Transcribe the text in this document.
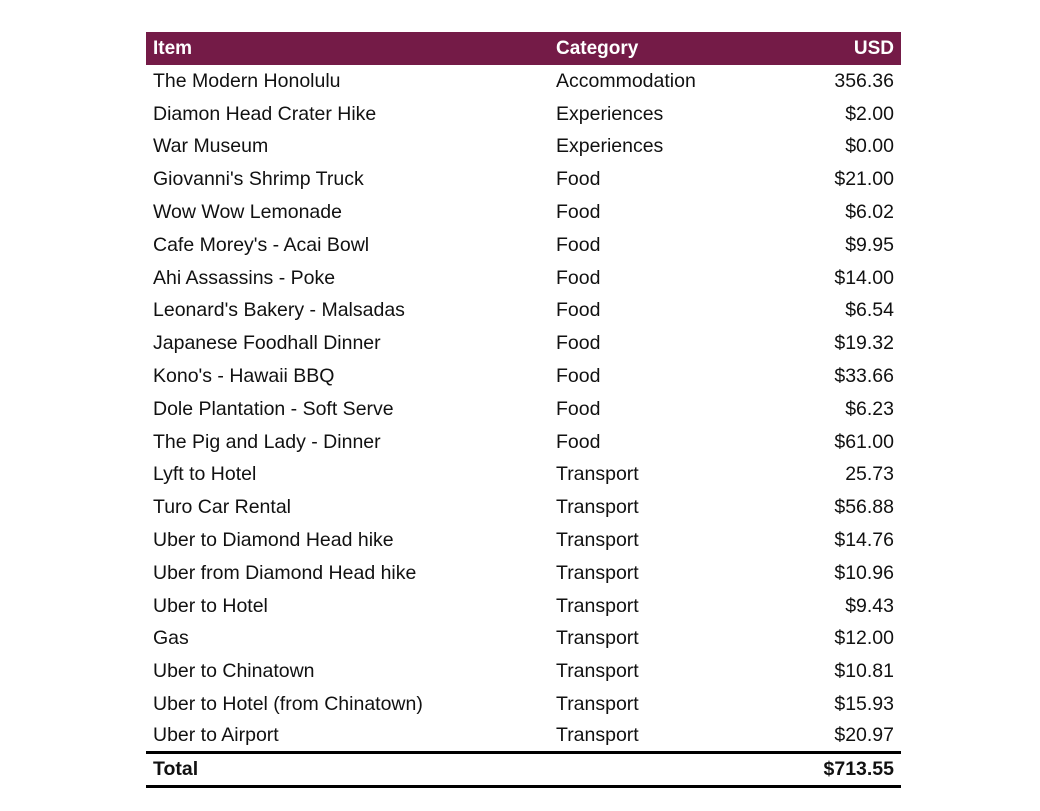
Item	Category	USD
The Modern Honolulu	Accommodation	356.36
Diamon Head Crater Hike	Experiences	$2.00
War Museum	Experiences	$0.00
Giovanni's Shrimp Truck	Food	$21.00
Wow Wow Lemonade	Food	$6.02
Cafe Morey's - Acai Bowl	Food	$9.95
Ahi Assassins - Poke	Food	$14.00
Leonard's Bakery - Malsadas	Food	$6.54
Japanese Foodhall Dinner	Food	$19.32
Kono's - Hawaii BBQ	Food	$33.66
Dole Plantation - Soft Serve	Food	$6.23
The Pig and Lady - Dinner	Food	$61.00
Lyft to Hotel	Transport	25.73
Turo Car Rental	Transport	$56.88
Uber to Diamond Head hike	Transport	$14.76
Uber from Diamond Head hike	Transport	$10.96
Uber to Hotel	Transport	$9.43
Gas	Transport	$12.00
Uber to Chinatown	Transport	$10.81
Uber to Hotel (from Chinatown)	Transport	$15.93
Uber to Airport	Transport	$20.97
Total		$713.55
